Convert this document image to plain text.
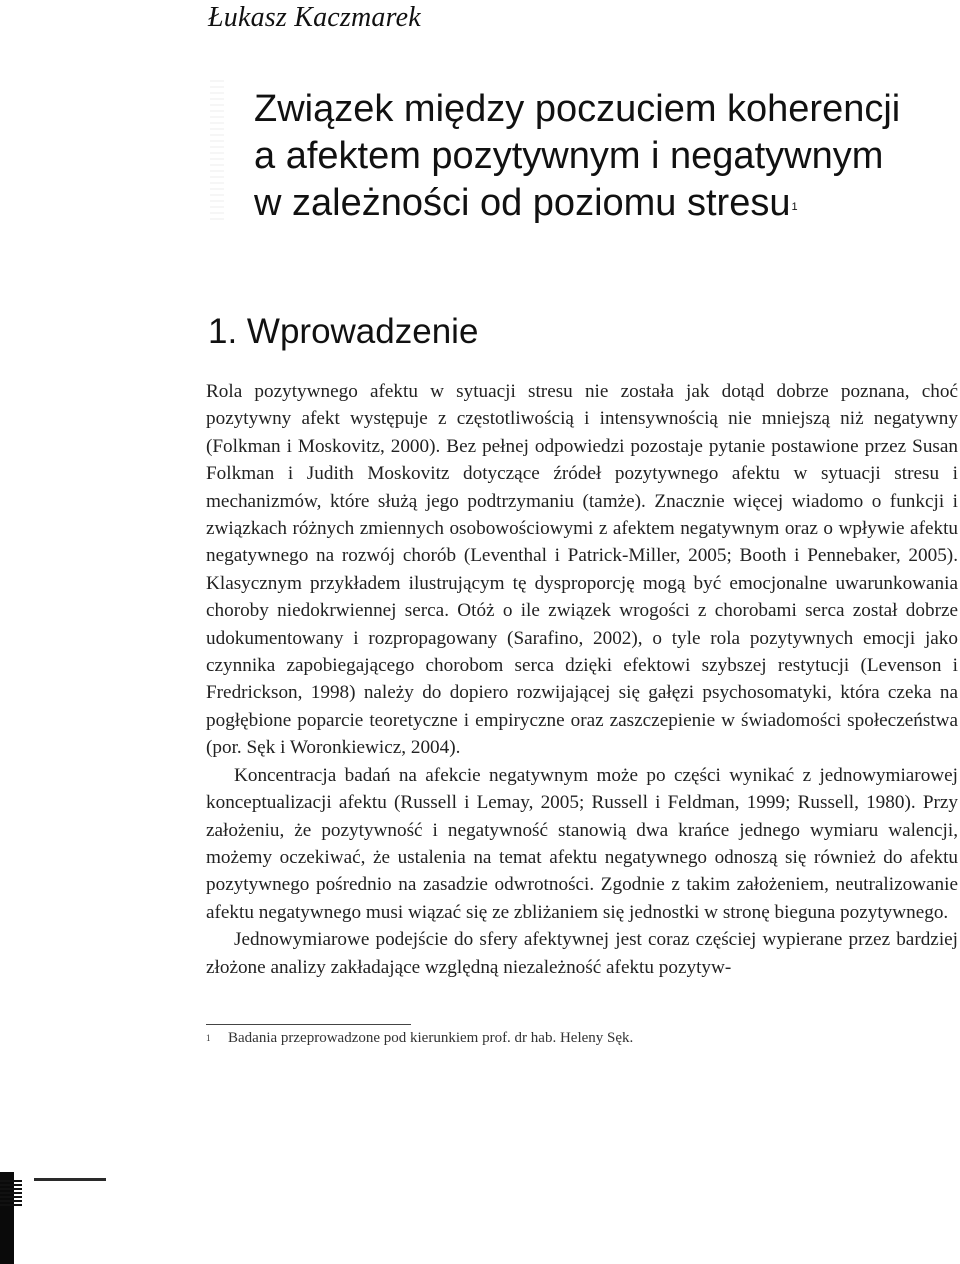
Łukasz Kaczmarek
Związek między poczuciem koherencji
a afektem pozytywnym i negatywnym
w zależności od poziomu stresu$^1$
1. Wprowadzenie

Rola pozytywnego afektu w sytuacji stresu nie została jak dotąd dobrze poznana, choć pozytywny afekt występuje z częstotliwością i intensywnością nie mniejszą niż negatywny (Folkman i Moskovitz, 2000). Bez pełnej odpowiedzi pozostaje pytanie postawione przez Susan Folkman i Judith Moskovitz dotyczące źródeł pozytywnego afektu w sytuacji stresu i mechanizmów, które służą jego podtrzymaniu (tamże). Znacznie więcej wiadomo o funkcji i związkach różnych zmiennych osobowościowymi z afektem negatywnym oraz o wpływie afektu negatywnego na rozwój chorób (Leventhal i Patrick-Miller, 2005; Booth i Pennebaker, 2005). Klasycznym przykładem ilustrującym tę dysproporcję mogą być emocjonalne uwarunkowania choroby niedokrwiennej serca. Otóż o ile związek wrogości z chorobami serca został dobrze udokumentowany i rozpropagowany (Sarafino, 2002), o tyle rola pozytywnych emocji jako czynnika zapobiegającego chorobom serca dzięki efektowi szybszej restytucji (Levenson i Fredrickson, 1998) należy do dopiero rozwijającej się gałęzi psychosomatyki, która czeka na pogłębione poparcie teoretyczne i empiryczne oraz zaszczepienie w świadomości społeczeństwa (por. Sęk i Woronkiewicz, 2004).

Koncentracja badań na afekcie negatywnym może po części wynikać z jednowymiarowej konceptualizacji afektu (Russell i Lemay, 2005; Russell i Feldman, 1999; Russell, 1980). Przy założeniu, że pozytywność i negatywność stanowią dwa krańce jednego wymiaru walencji, możemy oczekiwać, że ustalenia na temat afektu negatywnego odnoszą się również do afektu pozytywnego pośrednio na zasadzie odwrotności. Zgodnie z takim założeniem, neutralizowanie afektu negatywnego musi wiązać się ze zbliżaniem się jednostki w stronę bieguna pozytywnego.

Jednowymiarowe podejście do sfery afektywnej jest coraz częściej wypierane przez bardziej złożone analizy zakładające względną niezależność afektu pozytyw-

1 Badania przeprowadzone pod kierunkiem prof. dr hab. Heleny Sęk.
